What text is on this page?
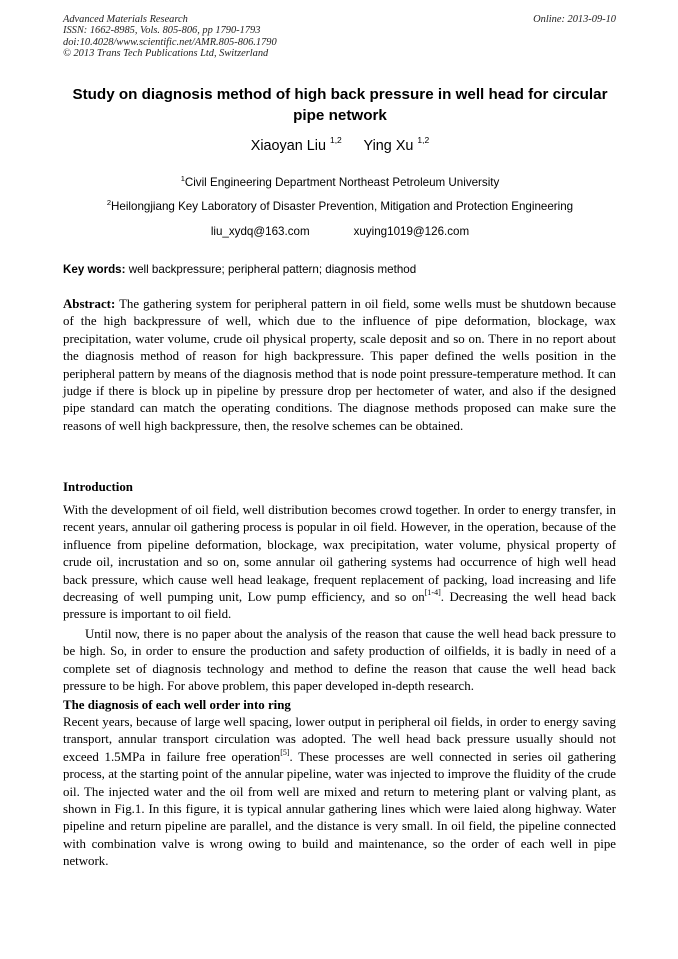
Advanced Materials Research
ISSN: 1662-8985, Vols. 805-806, pp 1790-1793
doi:10.4028/www.scientific.net/AMR.805-806.1790
© 2013 Trans Tech Publications Ltd, Switzerland
Online: 2013-09-10
Study on diagnosis method of high back pressure in well head for circular pipe network
Xiaoyan Liu $^{1,2}$ Ying Xu $^{1,2}$
$^1$Civil Engineering Department Northeast Petroleum University
$^2$Heilongjiang Key Laboratory of Disaster Prevention, Mitigation and Protection Engineering
liu_xydq@163.com	xuying1019@126.com
Key words: well backpressure; peripheral pattern; diagnosis method
Abstract: The gathering system for peripheral pattern in oil field, some wells must be shutdown because of the high backpressure of well, which due to the influence of pipe deformation, blockage, wax precipitation, water volume, crude oil physical property, scale deposit and so on. There in no report about the diagnosis method of reason for high backpressure. This paper defined the wells position in the peripheral pattern by means of the diagnosis method that is node point pressure-temperature method. It can judge if there is block up in pipeline by pressure drop per hectometer of water, and also if the designed pipe standard can match the operating conditions. The diagnose methods proposed can make sure the reasons of well high backpressure, then, the resolve schemes can be obtained.
Introduction
With the development of oil field, well distribution becomes crowd together. In order to energy transfer, in recent years, annular oil gathering process is popular in oil field. However, in the operation, because of the influence from pipeline deformation, blockage, wax precipitation, water volume, physical property of crude oil, incrustation and so on, some annular oil gathering systems had occurrence of high well head back pressure, which cause well head leakage, frequent replacement of packing, load increasing and life decreasing of well pumping unit, Low pump efficiency, and so on[1-4]. Decreasing the well head back pressure is important to oil field.
Until now, there is no paper about the analysis of the reason that cause the well head back pressure to be high. So, in order to ensure the production and safety production of oilfields, it is badly in need of a complete set of diagnosis technology and method to define the reason that cause the well head back pressure to be high. For above problem, this paper developed in-depth research.
The diagnosis of each well order into ring
Recent years, because of large well spacing, lower output in peripheral oil fields, in order to energy saving transport, annular transport circulation was adopted. The well head back pressure usually should not exceed 1.5MPa in failure free operation[5]. These processes are well connected in series oil gathering process, at the starting point of the annular pipeline, water was injected to improve the fluidity of the crude oil. The injected water and the oil from well are mixed and return to metering plant or valving plant, as shown in Fig.1. In this figure, it is typical annular gathering lines which were laied along highway. Water pipeline and return pipeline are parallel, and the distance is very small. In oil field, the pipeline connected with combination valve is wrong owing to build and maintenance, so the order of each well in pipe network.
